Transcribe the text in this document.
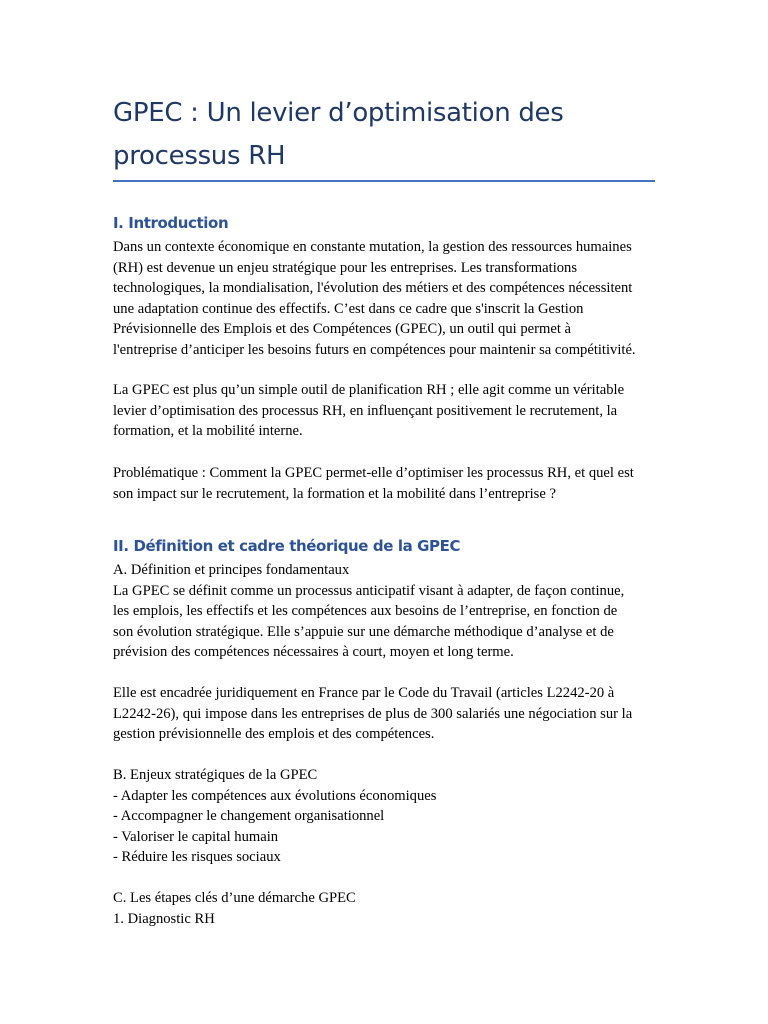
GPEC : Un levier d’optimisation des
processus RH
I. Introduction

Dans un contexte économique en constante mutation, la gestion des ressources humaines
(RH) est devenue un enjeu stratégique pour les entreprises. Les transformations
technologiques, la mondialisation, l'évolution des métiers et des compétences nécessitent
une adaptation continue des effectifs. C’est dans ce cadre que s'inscrit la Gestion
Prévisionnelle des Emplois et des Compétences (GPEC), un outil qui permet à
l'entreprise d’anticiper les besoins futurs en compétences pour maintenir sa compétitivité.

La GPEC est plus qu’un simple outil de planification RH ; elle agit comme un véritable
levier d’optimisation des processus RH, en influençant positivement le recrutement, la
formation, et la mobilité interne.

Problématique : Comment la GPEC permet-elle d’optimiser les processus RH, et quel est
son impact sur le recrutement, la formation et la mobilité dans l’entreprise ?

II. Définition et cadre théorique de la GPEC

A. Définition et principes fondamentaux
La GPEC se définit comme un processus anticipatif visant à adapter, de façon continue,
les emplois, les effectifs et les compétences aux besoins de l’entreprise, en fonction de
son évolution stratégique. Elle s’appuie sur une démarche méthodique d’analyse et de
prévision des compétences nécessaires à court, moyen et long terme.

Elle est encadrée juridiquement en France par le Code du Travail (articles L2242-20 à
L2242-26), qui impose dans les entreprises de plus de 300 salariés une négociation sur la
gestion prévisionnelle des emplois et des compétences.

B. Enjeux stratégiques de la GPEC
- Adapter les compétences aux évolutions économiques
- Accompagner le changement organisationnel
- Valoriser le capital humain
- Réduire les risques sociaux

C. Les étapes clés d’une démarche GPEC
1. Diagnostic RH
